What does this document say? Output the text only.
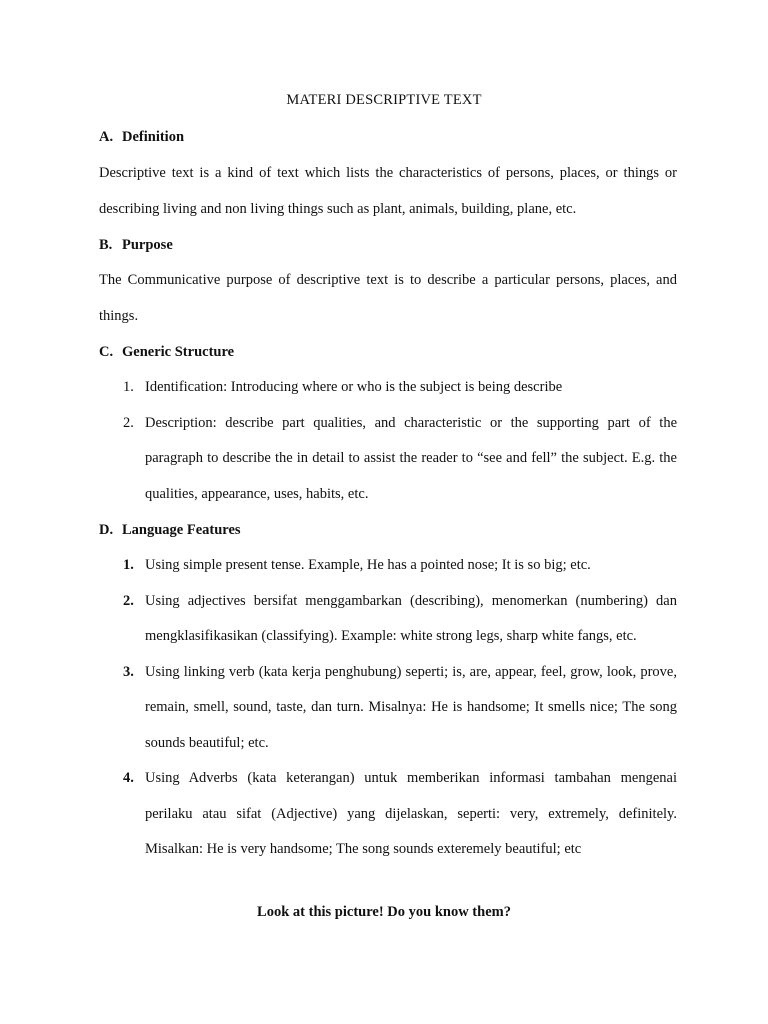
MATERI DESCRIPTIVE TEXT
A. Definition
Descriptive text is a kind of text which lists the characteristics of persons, places, or things or describing living and non living things such as plant, animals, building, plane, etc.
B. Purpose
The Communicative purpose of descriptive text is to describe a particular persons, places, and things.
C. Generic Structure
1. Identification: Introducing where or who is the subject is being describe
2. Description: describe part qualities, and characteristic or the supporting part of the paragraph to describe the in detail to assist the reader to “see and fell” the subject. E.g. the qualities, appearance, uses, habits, etc.
D. Language Features
1. Using simple present tense. Example, He has a pointed nose; It is so big; etc.
2. Using adjectives bersifat menggambarkan (describing), menomerkan (numbering) dan mengklasifikasikan (classifying). Example: white strong legs, sharp white fangs, etc.
3. Using linking verb (kata kerja penghubung) seperti; is, are, appear, feel, grow, look, prove, remain, smell, sound, taste, dan turn. Misalnya: He is handsome; It smells nice; The song sounds beautiful; etc.
4. Using Adverbs (kata keterangan) untuk memberikan informasi tambahan mengenai perilaku atau sifat (Adjective) yang dijelaskan, seperti: very, extremely, definitely. Misalkan: He is very handsome; The song sounds exteremely beautiful; etc
Look at this picture! Do you know them?
